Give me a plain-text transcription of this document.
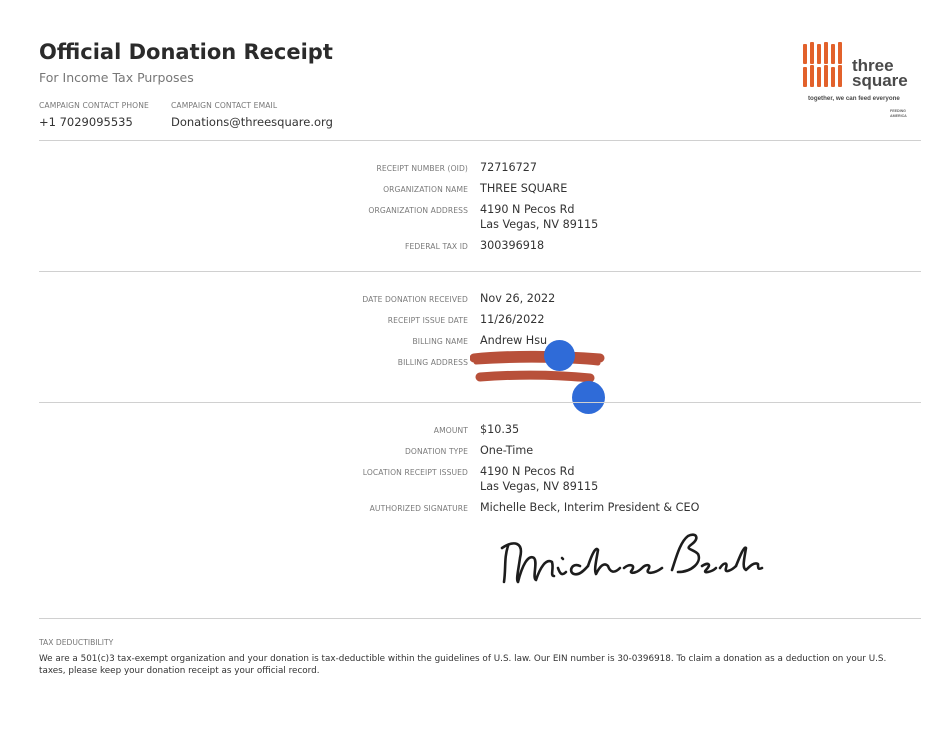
Official Donation Receipt
For Income Tax Purposes
CAMPAIGN CONTACT PHONE
+1 7029095535
CAMPAIGN CONTACT EMAIL
Donations@threesquare.org
three
square
together, we can feed everyone
FEEDING
AMERICA
RECEIPT NUMBER (OID) 72716727
ORGANIZATION NAME THREE SQUARE
ORGANIZATION ADDRESS 4190 N Pecos Rd
Las Vegas, NV 89115
FEDERAL TAX ID 300396918
DATE DONATION RECEIVED Nov 26, 2022
RECEIPT ISSUE DATE 11/26/2022
BILLING NAME Andrew Hsu
BILLING ADDRESS
AMOUNT $10.35
DONATION TYPE One-Time
LOCATION RECEIPT ISSUED 4190 N Pecos Rd
Las Vegas, NV 89115
AUTHORIZED SIGNATURE Michelle Beck, Interim President & CEO
TAX DEDUCTIBILITY
We are a 501(c)3 tax-exempt organization and your donation is tax-deductible within the guidelines of U.S. law. Our EIN number is 30-0396918. To claim a donation as a deduction on your U.S. taxes, please keep your donation receipt as your official record.
